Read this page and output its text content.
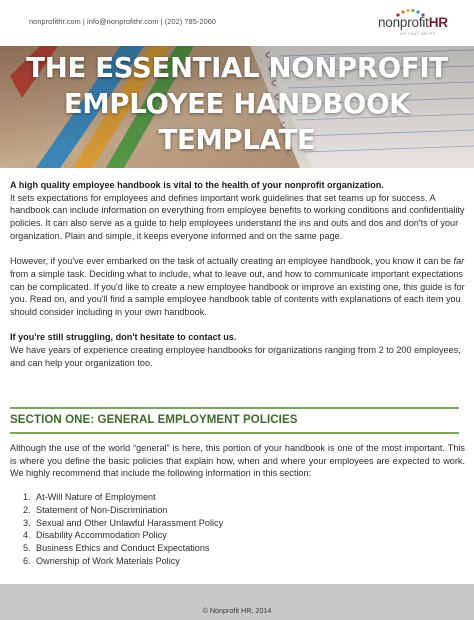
nonprofithr.com | info@nonprofithr.com | (202) 785-2060	nonprofitHR
HR THAT HELPS
THE ESSENTIAL NONPROFIT
EMPLOYEE HANDBOOK
TEMPLATE

A high quality employee handbook is vital to the health of your nonprofit organization.
It sets expectations for employees and defines important work guidelines that set teams up for success. A handbook can include information on everything from employee benefits to working conditions and confidentiality policies. It can also serve as a guide to help employees understand the ins and outs and dos and don'ts of your organization. Plain and simple, it keeps everyone informed and on the same page.

However, if you've ever embarked on the task of actually creating an employee handbook, you know it can be far from a simple task. Deciding what to include, what to leave out, and how to communicate important expectations can be complicated. If you'd like to create a new employee handbook or improve an existing one, this guide is for you. Read on, and you'll find a sample employee handbook table of contents with explanations of each item you should consider including in your own handbook.

If you're still struggling, don't hesitate to contact us.
We have years of experience creating employee handbooks for organizations ranging from 2 to 200 employees, and can help your organization too.

SECTION ONE: GENERAL EMPLOYMENT POLICIES

Although the use of the world “general” is here, this portion of your handbook is one of the most important. This is where you define the basic policies that explain how, when and where your employees are expected to work. We highly recommend that include the following information in this section:

1. At-Will Nature of Employment
2. Statement of Non-Discrimination
3. Sexual and Other Unlawful Harassment Policy
4. Disability Accommodation Policy
5. Business Ethics and Conduct Expectations
6. Ownership of Work Materials Policy
© Nonprofit HR, 2014
